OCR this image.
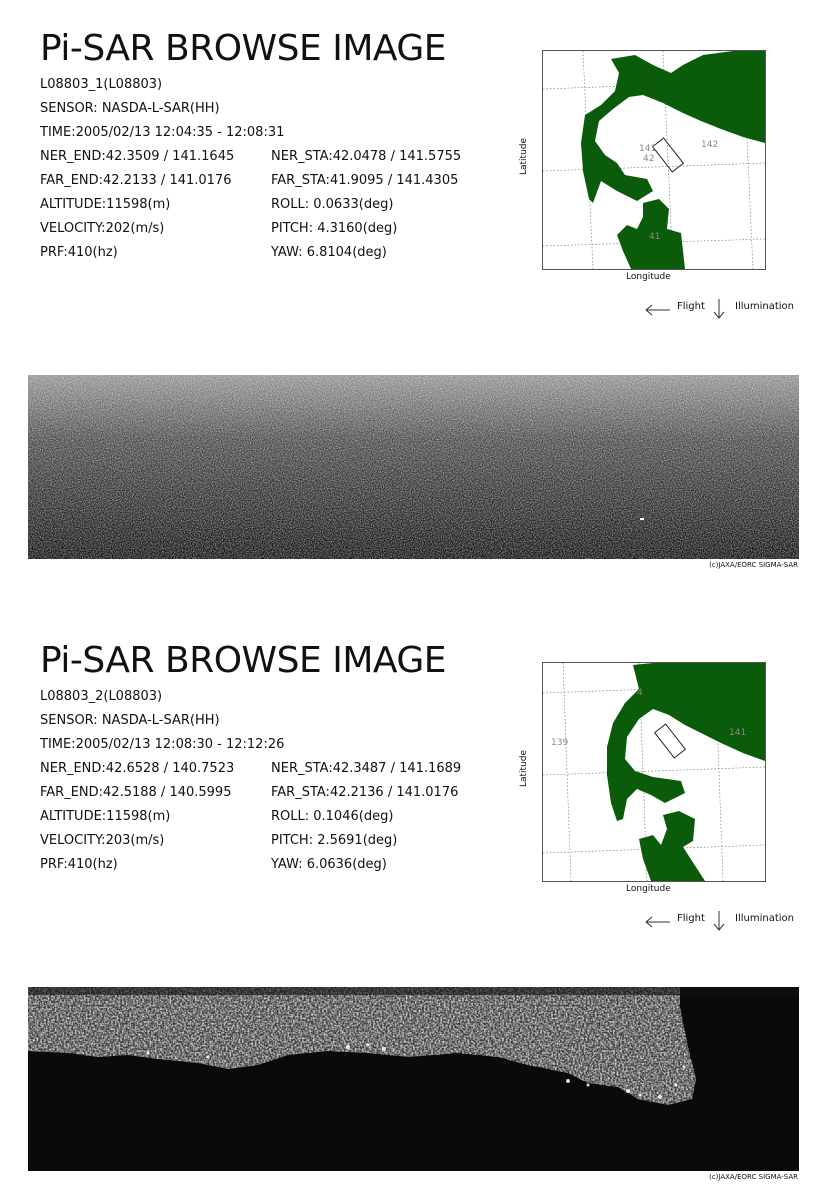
Pi-SAR BROWSE IMAGE
L08803_1(L08803)
SENSOR: NASDA-L-SAR(HH)
TIME:2005/02/13 12:04:35 - 12:08:31
NER_END:42.3509 / 141.1645	NER_STA:42.0478 / 141.5755
FAR_END:42.2133 / 141.0176	FAR_STA:41.9095 / 141.4305
ALTITUDE:11598(m)	ROLL: 0.0633(deg)
VELOCITY:202(m/s)	PITCH: 4.3160(deg)
PRF:410(hz)	YAW: 6.8104(deg)
141
42
142
41
Latitude
Longitude
Flight	Illumination
(c)JAXA/EORC SIGMA-SAR
Pi-SAR BROWSE IMAGE
L08803_2(L08803)
SENSOR: NASDA-L-SAR(HH)
TIME:2005/02/13 12:08:30 - 12:12:26
NER_END:42.6528 / 140.7523	NER_STA:42.3487 / 141.1689
FAR_END:42.5188 / 140.5995	FAR_STA:42.2136 / 141.0176
ALTITUDE:11598(m)	ROLL: 0.1046(deg)
VELOCITY:203(m/s)	PITCH: 2.5691(deg)
PRF:410(hz)	YAW: 6.0636(deg)
139
141
4
Latitude
Longitude
Flight	Illumination
(c)JAXA/EORC SIGMA-SAR
